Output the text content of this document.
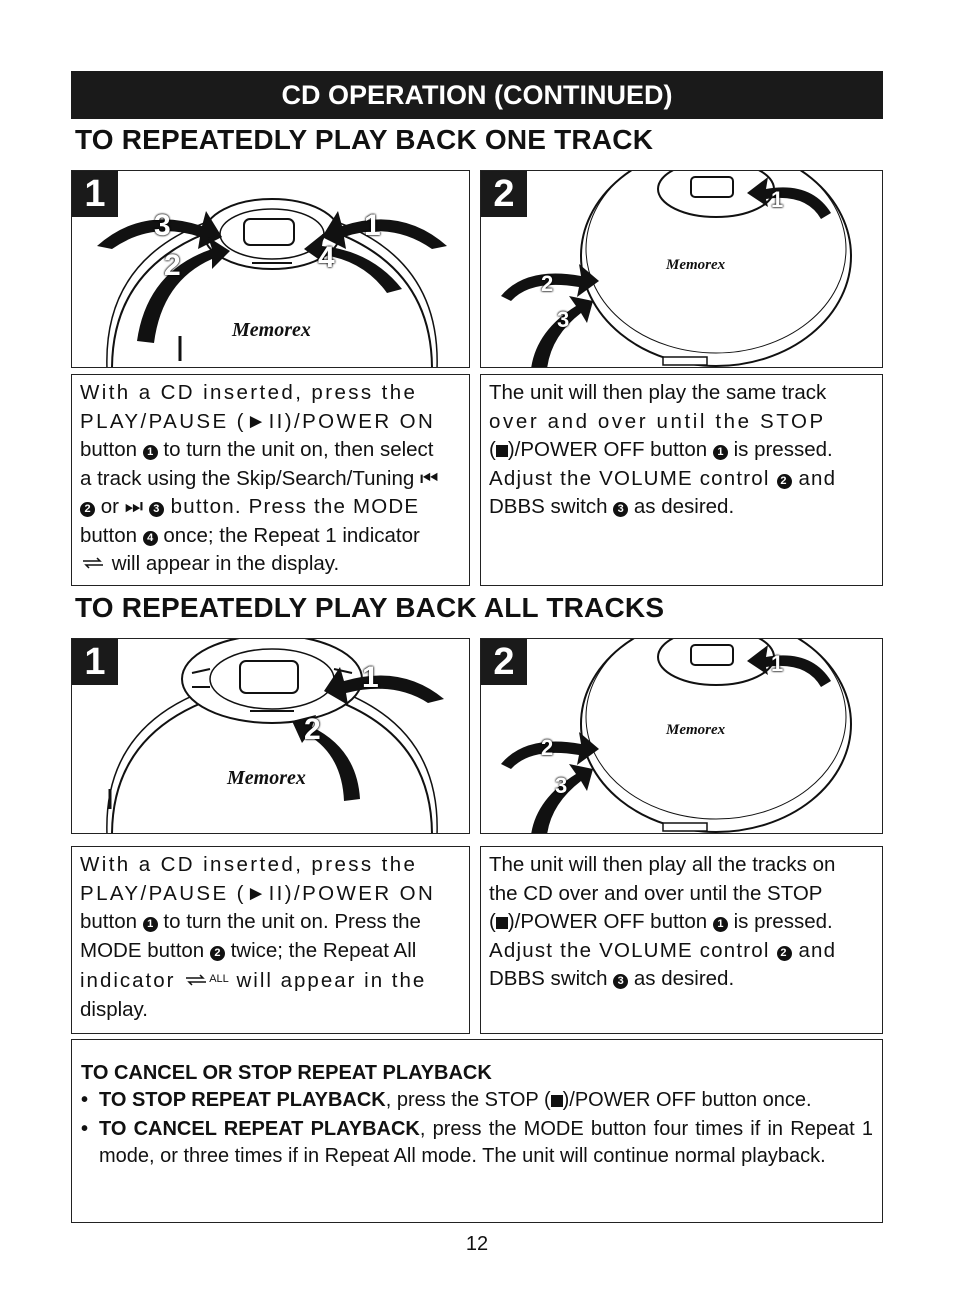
CD OPERATION (CONTINUED)
TO REPEATEDLY PLAY BACK ONE TRACK
Memorex
1
3	1
2	4	Memorex
2	1
2
3
With a CD inserted, press the
PLAY/PAUSE (►II)/POWER ON
button 1 to turn the unit on, then select
a track using the Skip/Search/Tuning ⏮
2 or ⏭ 3 button. Press the MODE
button 4 once; the Repeat 1 indicator
will appear in the display.
The unit will then play the same track
over and over until the STOP
( )/POWER OFF button 1 is pressed.
Adjust the VOLUME control 2 and
DBBS switch 3 as desired.
TO REPEATEDLY PLAY BACK ALL TRACKS
Memorex
1	1
2	Memorex
2	1
2
3
With a CD inserted, press the
PLAY/PAUSE (►II)/POWER ON
button 1 to turn the unit on. Press the
MODE button 2 twice; the Repeat All
indicator $^{ALL}$ will appear in the
display.
The unit will then play all the tracks on
the CD over and over until the STOP
( )/POWER OFF button 1 is pressed.
Adjust the VOLUME control 2 and
DBBS switch 3 as desired.
TO CANCEL OR STOP REPEAT PLAYBACK
• TO STOP REPEAT PLAYBACK, press the STOP ( )/POWER OFF button once.
• TO CANCEL REPEAT PLAYBACK, press the MODE button four times if in Repeat 1 mode, or three times if in Repeat All mode. The unit will continue normal playback.
12
